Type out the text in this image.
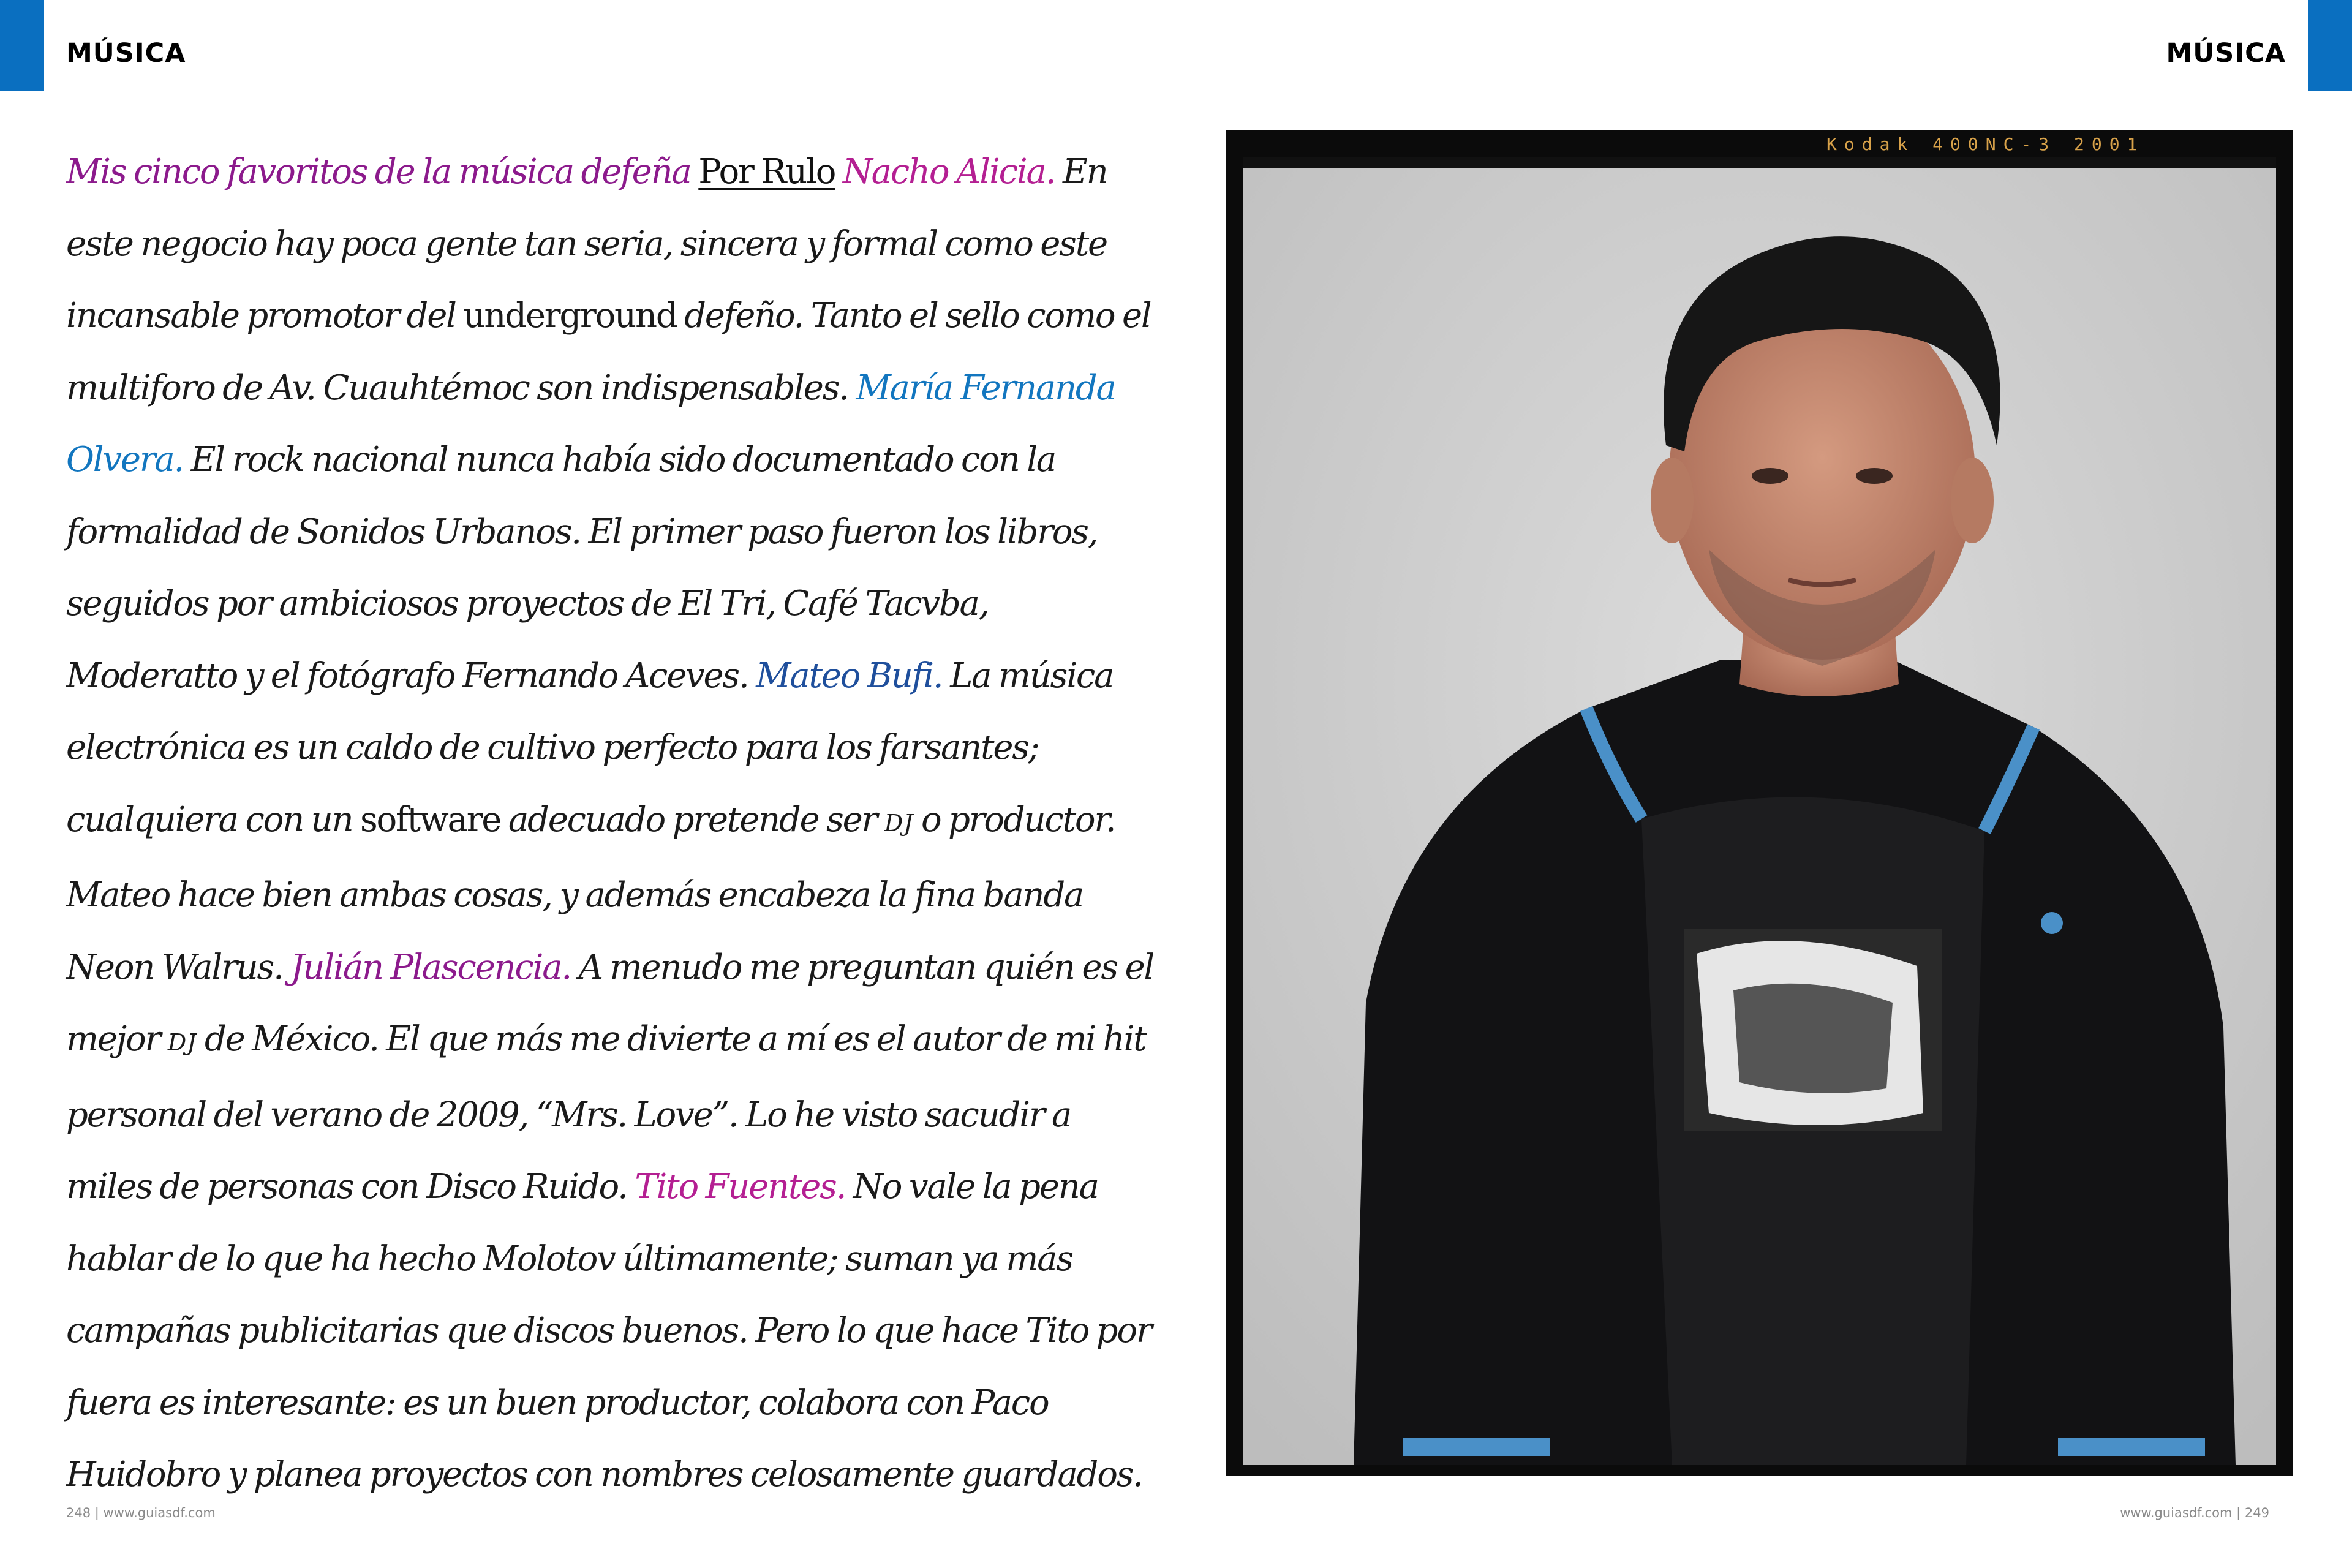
MÚSICA	MÚSICA
Mis cinco favoritos de la música defeña Por Rulo Nacho Alicia. En este negocio hay poca gente tan seria, sincera y formal como este incansable promotor del underground defeño. Tanto el sello como el multiforo de Av. Cuauhtémoc son indispensables. María Fernanda Olvera. El rock nacional nunca había sido documentado con la formalidad de Sonidos Urbanos. El primer paso fueron los libros, seguidos por ambiciosos proyectos de El Tri, Café Tacvba, Moderatto y el fotógrafo Fernando Aceves. Mateo Bufi. La música electrónica es un caldo de cultivo perfecto para los farsantes; cualquiera con un software adecuado pretende ser DJ o productor. Mateo hace bien ambas cosas, y además encabeza la fina banda Neon Walrus. Julián Plascencia. A menudo me preguntan quién es el mejor DJ de México. El que más me divierte a mí es el autor de mi hit personal del verano de 2009, “Mrs. Love”. Lo he visto sacudir a miles de personas con Disco Ruido. Tito Fuentes. No vale la pena hablar de lo que ha hecho Molotov últimamente; suman ya más campañas publicitarias que discos buenos. Pero lo que hace Tito por fuera es interesante: es un buen productor, colabora con Paco Huidobro y planea proyectos con nombres celosamente guardados.
Kodak 400NC-3 2001
248 | www.guiasdf.com	www.guiasdf.com | 249
